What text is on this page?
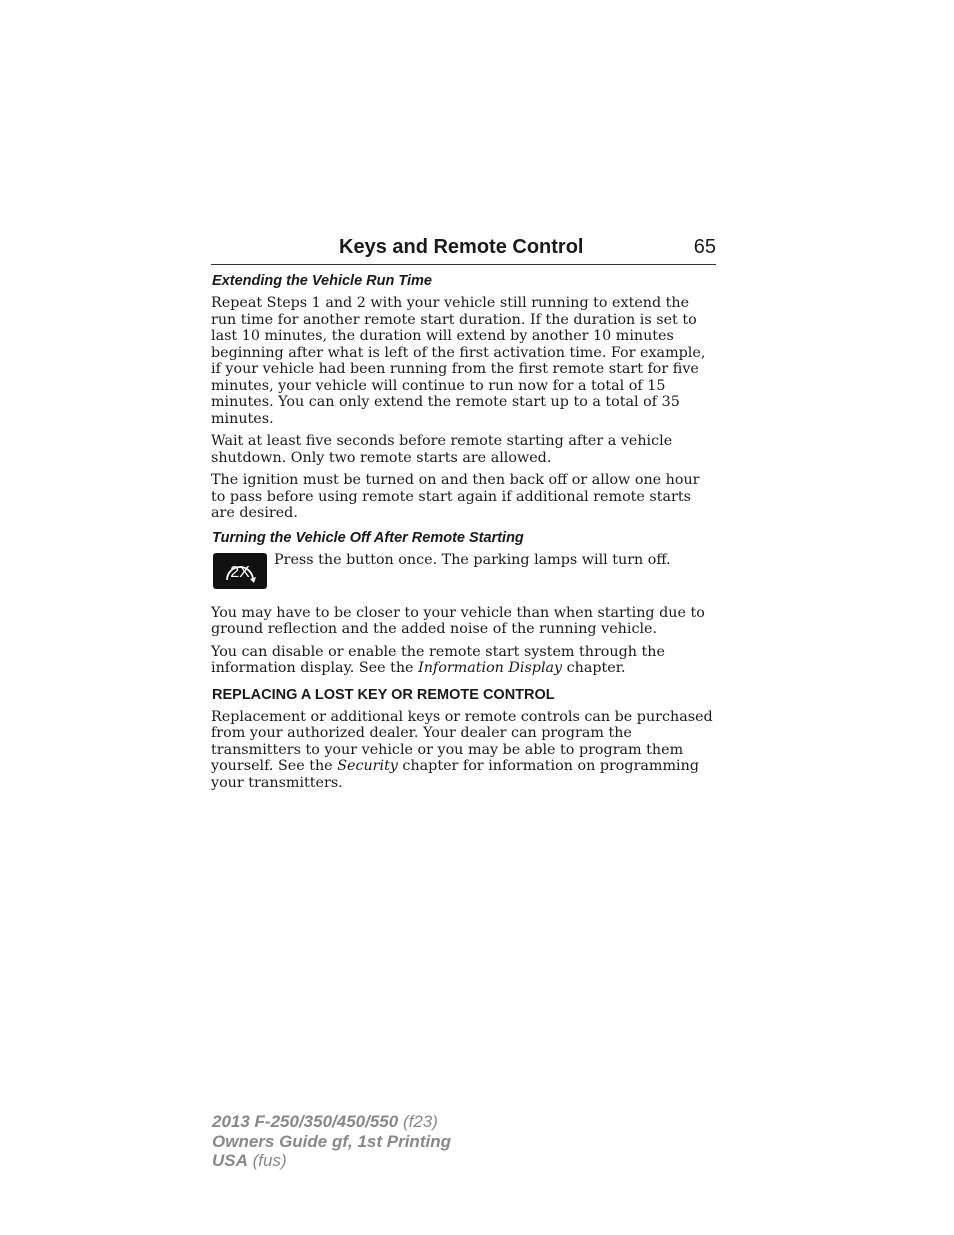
Keys and Remote Control	65
Extending the Vehicle Run Time

Repeat Steps 1 and 2 with your vehicle still running to extend the run time for another remote start duration. If the duration is set to last 10 minutes, the duration will extend by another 10 minutes beginning after what is left of the first activation time. For example, if your vehicle had been running from the first remote start for five minutes, your vehicle will continue to run now for a total of 15 minutes. You can only extend the remote start up to a total of 35 minutes.

Wait at least five seconds before remote starting after a vehicle shutdown. Only two remote starts are allowed.

The ignition must be turned on and then back off or allow one hour to pass before using remote start again if additional remote starts are desired.

Turning the Vehicle Off After Remote Starting
2X

Press the button once. The parking lamps will turn off.

You may have to be closer to your vehicle than when starting due to ground reflection and the added noise of the running vehicle.

You can disable or enable the remote start system through the information display. See the Information Display chapter.

REPLACING A LOST KEY OR REMOTE CONTROL

Replacement or additional keys or remote controls can be purchased from your authorized dealer. Your dealer can program the transmitters to your vehicle or you may be able to program them yourself. See the Security chapter for information on programming your transmitters.

2013 F-250/350/450/550 (f23)
Owners Guide gf, 1st Printing
USA (fus)
